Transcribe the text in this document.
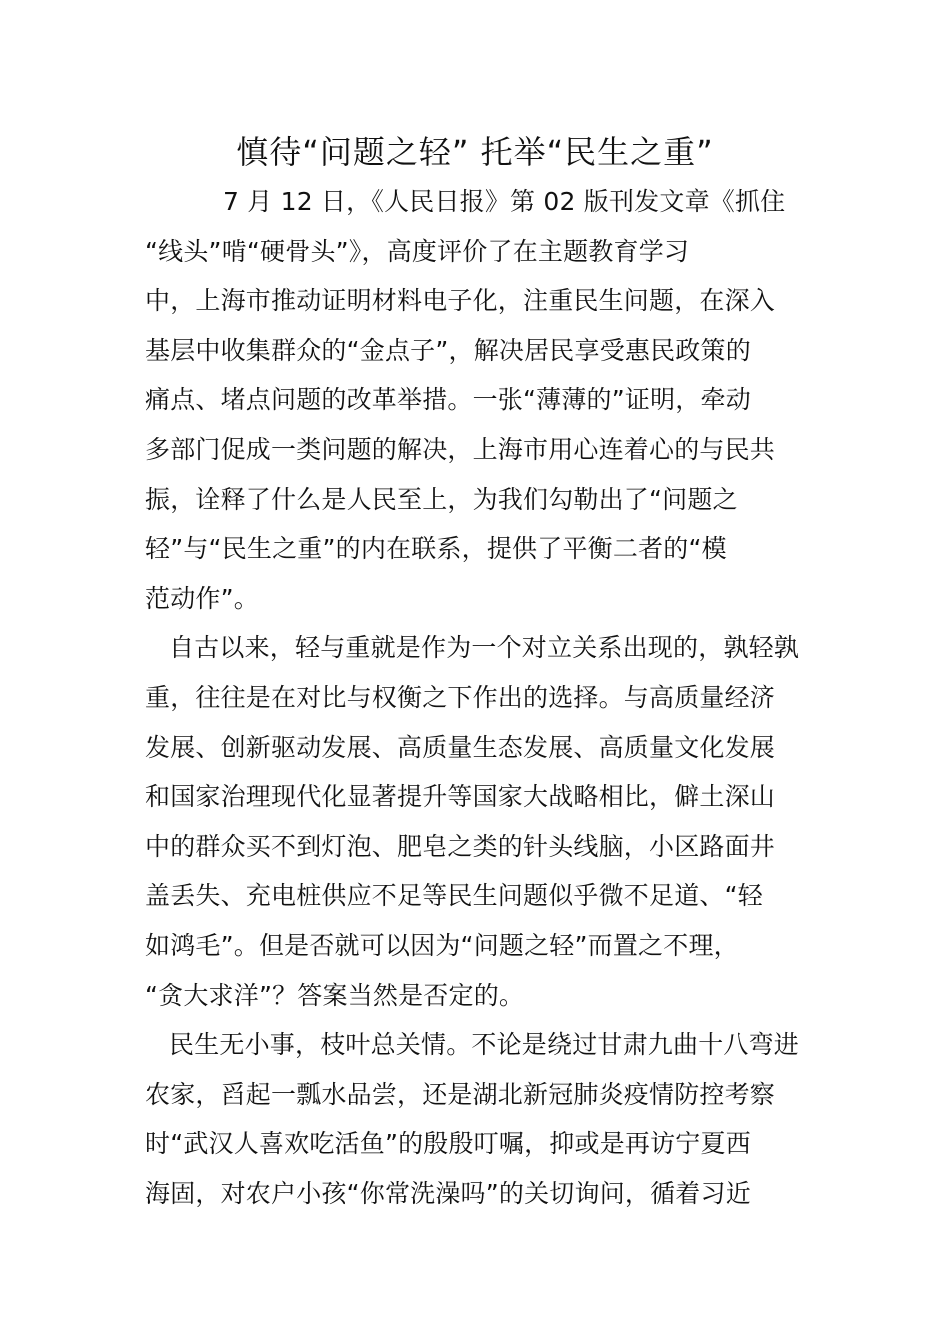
慎待“问题之轻” 托举“民生之重”
7 月 12 日，《人民日报》第 02 版刊发文章《抓住
“线头”啃“硬骨头”》，高度评价了在主题教育学习
中，上海市推动证明材料电子化，注重民生问题，在深入
基层中收集群众的“金点子”，解决居民享受惠民政策的
痛点、堵点问题的改革举措。一张“薄薄的”证明，牵动
多部门促成一类问题的解决，上海市用心连着心的与民共
振，诠释了什么是人民至上，为我们勾勒出了“问题之
轻”与“民生之重”的内在联系，提供了平衡二者的“模
范动作”。
自古以来，轻与重就是作为一个对立关系出现的，孰轻孰
重，往往是在对比与权衡之下作出的选择。与高质量经济
发展、创新驱动发展、高质量生态发展、高质量文化发展
和国家治理现代化显著提升等国家大战略相比，僻土深山
中的群众买不到灯泡、肥皂之类的针头线脑，小区路面井
盖丢失、充电桩供应不足等民生问题似乎微不足道、“轻
如鸿毛”。但是否就可以因为“问题之轻”而置之不理，
“贪大求洋”？答案当然是否定的。
民生无小事，枝叶总关情。不论是绕过甘肃九曲十八弯进
农家，舀起一瓢水品尝，还是湖北新冠肺炎疫情防控考察
时“武汉人喜欢吃活鱼”的殷殷叮嘱，抑或是再访宁夏西
海固，对农户小孩“你常洗澡吗”的关切询问，循着习近
